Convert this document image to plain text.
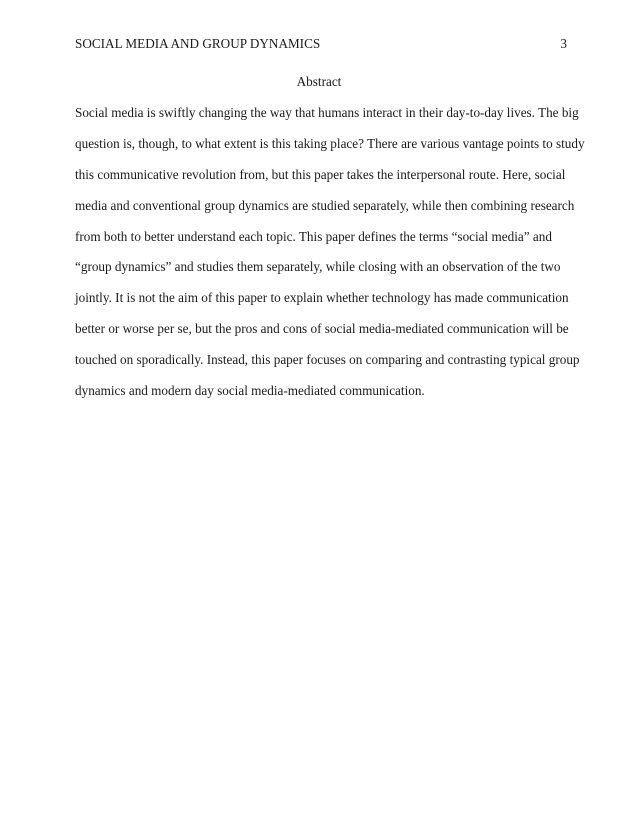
SOCIAL MEDIA AND GROUP DYNAMICS	3
Abstract
Social media is swiftly changing the way that humans interact in their day-to-day lives. The big
question is, though, to what extent is this taking place? There are various vantage points to study
this communicative revolution from, but this paper takes the interpersonal route. Here, social
media and conventional group dynamics are studied separately, while then combining research
from both to better understand each topic. This paper defines the terms “social media” and
“group dynamics” and studies them separately, while closing with an observation of the two
jointly. It is not the aim of this paper to explain whether technology has made communication
better or worse per se, but the pros and cons of social media-mediated communication will be
touched on sporadically. Instead, this paper focuses on comparing and contrasting typical group
dynamics and modern day social media-mediated communication.
